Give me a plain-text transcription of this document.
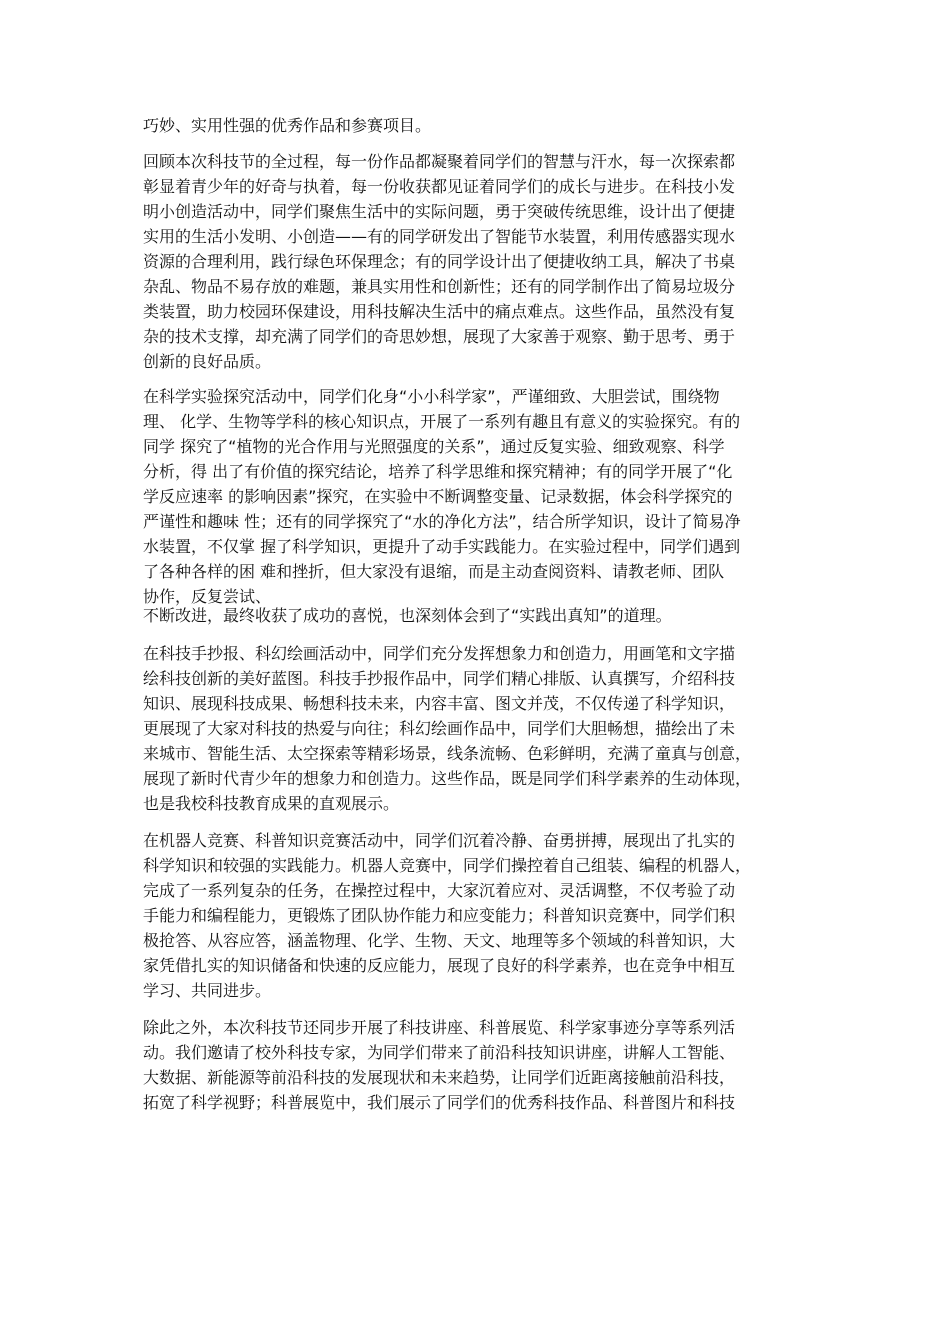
巧妙、实用性强的优秀作品和参赛项目。
回顾本次科技节的全过程，每一份作品都凝聚着同学们的智慧与汗水，每一次探索都
彰显着青少年的好奇与执着，每一份收获都见证着同学们的成长与进步。在科技小发
明小创造活动中，同学们聚焦生活中的实际问题，勇于突破传统思维，设计出了便捷
实用的生活小发明、小创造——有的同学研发出了智能节水装置，利用传感器实现水
资源的合理利用，践行绿色环保理念；有的同学设计出了便捷收纳工具，解决了书桌
杂乱、物品不易存放的难题，兼具实用性和创新性；还有的同学制作出了简易垃圾分
类装置，助力校园环保建设，用科技解决生活中的痛点难点。这些作品，虽然没有复
杂的技术支撑，却充满了同学们的奇思妙想，展现了大家善于观察、勤于思考、勇于
创新的良好品质。
在科学实验探究活动中，同学们化身“小小科学家”，严谨细致、大胆尝试，围绕物
理、 化学、生物等学科的核心知识点，开展了一系列有趣且有意义的实验探究。有的
同学 探究了“植物的光合作用与光照强度的关系”，通过反复实验、细致观察、科学
分析，得 出了有价值的探究结论，培养了科学思维和探究精神；有的同学开展了“化
学反应速率 的影响因素”探究，在实验中不断调整变量、记录数据，体会科学探究的
严谨性和趣味 性；还有的同学探究了“水的净化方法”，结合所学知识，设计了简易净
水装置，不仅掌 握了科学知识，更提升了动手实践能力。在实验过程中，同学们遇到
了各种各样的困 难和挫折，但大家没有退缩，而是主动查阅资料、请教老师、团队
协作，反复尝试、
不断改进，最终收获了成功的喜悦，也深刻体会到了“实践出真知”的道理。
在科技手抄报、科幻绘画活动中，同学们充分发挥想象力和创造力，用画笔和文字描
绘科技创新的美好蓝图。科技手抄报作品中，同学们精心排版、认真撰写，介绍科技
知识、展现科技成果、畅想科技未来，内容丰富、图文并茂，不仅传递了科学知识，
更展现了大家对科技的热爱与向往；科幻绘画作品中，同学们大胆畅想，描绘出了未
来城市、智能生活、太空探索等精彩场景，线条流畅、色彩鲜明，充满了童真与创意，
展现了新时代青少年的想象力和创造力。这些作品，既是同学们科学素养的生动体现，
也是我校科技教育成果的直观展示。
在机器人竞赛、科普知识竞赛活动中，同学们沉着冷静、奋勇拼搏，展现出了扎实的
科学知识和较强的实践能力。机器人竞赛中，同学们操控着自己组装、编程的机器人，
完成了一系列复杂的任务，在操控过程中，大家沉着应对、灵活调整，不仅考验了动
手能力和编程能力，更锻炼了团队协作能力和应变能力；科普知识竞赛中，同学们积
极抢答、从容应答，涵盖物理、化学、生物、天文、地理等多个领域的科普知识，大
家凭借扎实的知识储备和快速的反应能力，展现了良好的科学素养，也在竞争中相互
学习、共同进步。
除此之外，本次科技节还同步开展了科技讲座、科普展览、科学家事迹分享等系列活
动。我们邀请了校外科技专家，为同学们带来了前沿科技知识讲座，讲解人工智能、
大数据、新能源等前沿科技的发展现状和未来趋势，让同学们近距离接触前沿科技，
拓宽了科学视野；科普展览中，我们展示了同学们的优秀科技作品、科普图片和科技
